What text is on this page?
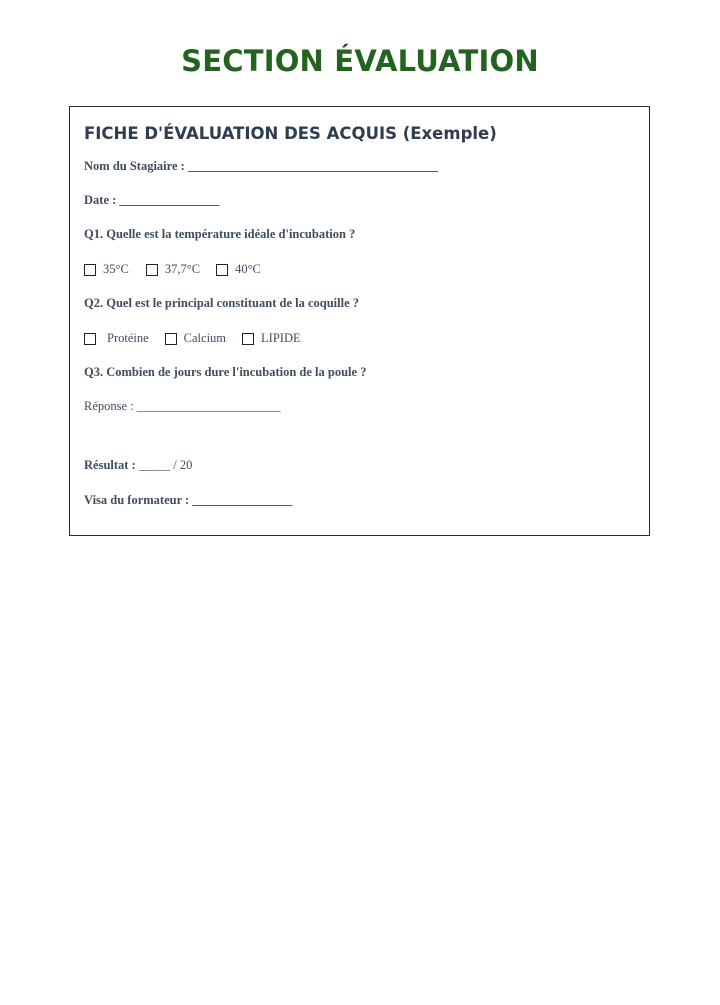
SECTION ÉVALUATION
FICHE D'ÉVALUATION DES ACQUIS (Exemple)
Nom du Stagiaire : ________________________________________
Date : ________________
Q1. Quelle est la température idéale d'incubation ?
35°C	37,7°C	40°C
Q2. Quel est le principal constituant de la coquille ?
Protéine	Calcium	LIPIDE
Q3. Combien de jours dure l'incubation de la poule ?
Réponse : _______________________
Résultat : _____ / 20
Visa du formateur : ________________
